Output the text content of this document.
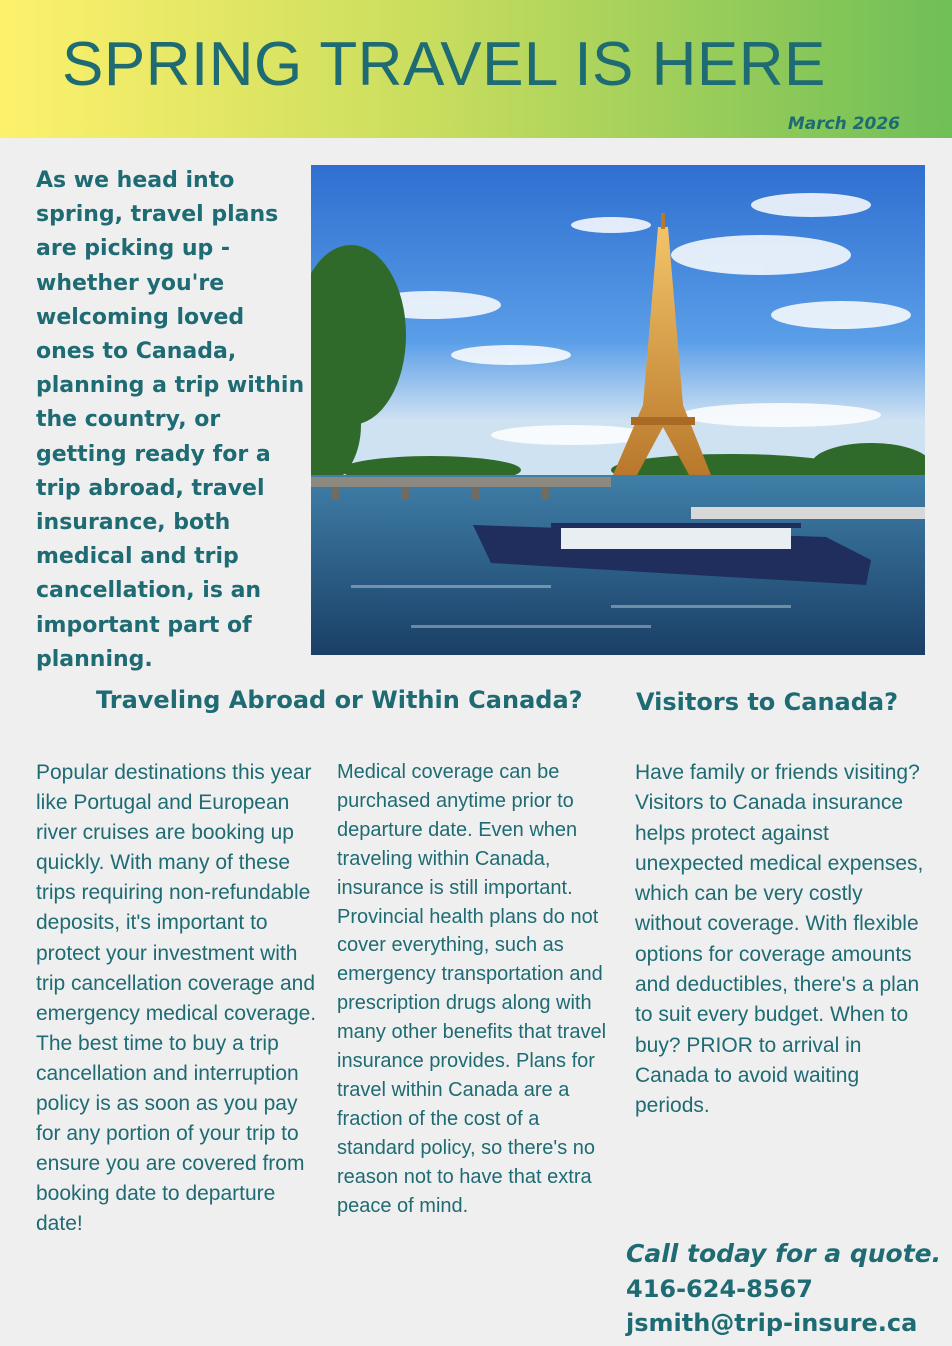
SPRING TRAVEL IS HERE
March 2026

As we head into spring, travel plans are picking up - whether you're welcoming loved ones to Canada, planning a trip within the country, or getting ready for a trip abroad, travel insurance, both medical and trip cancellation, is an important part of planning.

Traveling Abroad or Within Canada? Visitors to Canada?

Popular destinations this year like Portugal and European river cruises are booking up quickly. With many of these trips requiring non-refundable deposits, it's important to protect your investment with trip cancellation coverage and emergency medical coverage. The best time to buy a trip cancellation and interruption policy is as soon as you pay for any portion of your trip to ensure you are covered from booking date to departure date!

Medical coverage can be purchased anytime prior to departure date. Even when traveling within Canada, insurance is still important. Provincial health plans do not cover everything, such as emergency transportation and prescription drugs along with many other benefits that travel insurance provides. Plans for travel within Canada are a fraction of the cost of a standard policy, so there's no reason not to have that extra peace of mind.

Have family or friends visiting? Visitors to Canada insurance helps protect against unexpected medical expenses, which can be very costly without coverage. With flexible options for coverage amounts and deductibles, there's a plan to suit every budget. When to buy? PRIOR to arrival in Canada to avoid waiting periods.

Call today for a quote.
416-624-8567
jsmith@trip-insure.ca
